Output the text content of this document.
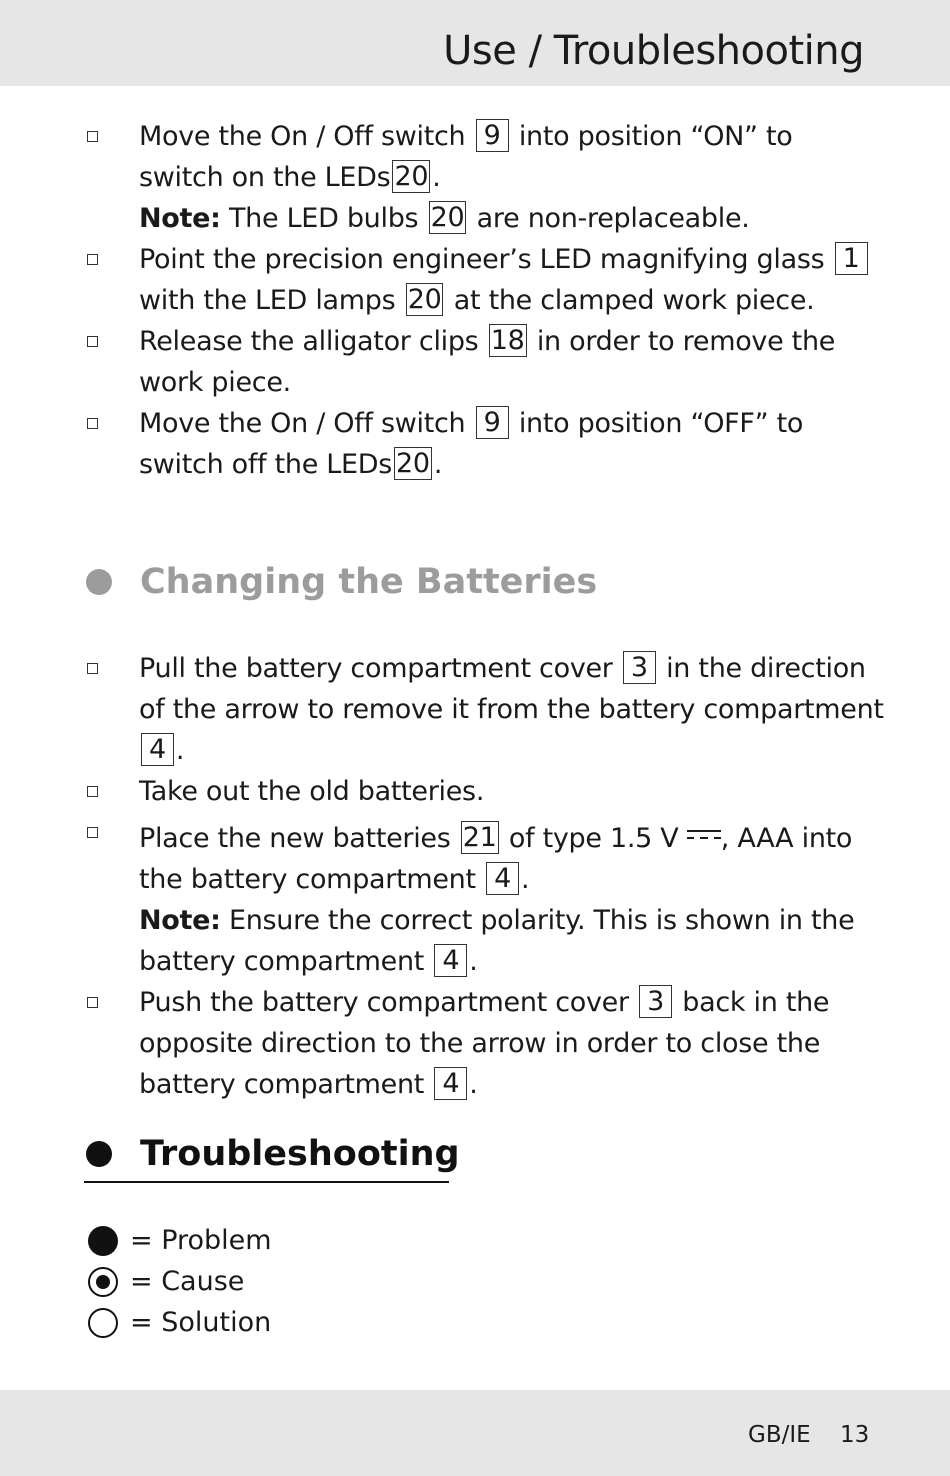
Use / Troubleshooting
Move the On / Off switch 9 into position “ON” to switch on the LEDs 20 .
Note: The LED bulbs 20 are non-replaceable.
Point the precision engineer’s LED magnifying glass 1 with the LED lamps 20 at the clamped work piece.
Release the alligator clips 18 in order to remove the work piece.
Move the On / Off switch 9 into position “OFF” to switch off the LEDs 20 .
Changing the Batteries
Pull the battery compartment cover 3 in the direction of the arrow to remove it from the battery compartment 4 .
Take out the old batteries.
Place the new batteries 21 of type 1.5 V , AAA into the battery compartment 4 .
Note: Ensure the correct polarity. This is shown in the battery compartment 4 .
Push the battery compartment cover 3 back in the opposite direction to the arrow in order to close the battery compartment 4 .
Troubleshooting
= Problem
= Cause
= Solution
GB/IE 13
